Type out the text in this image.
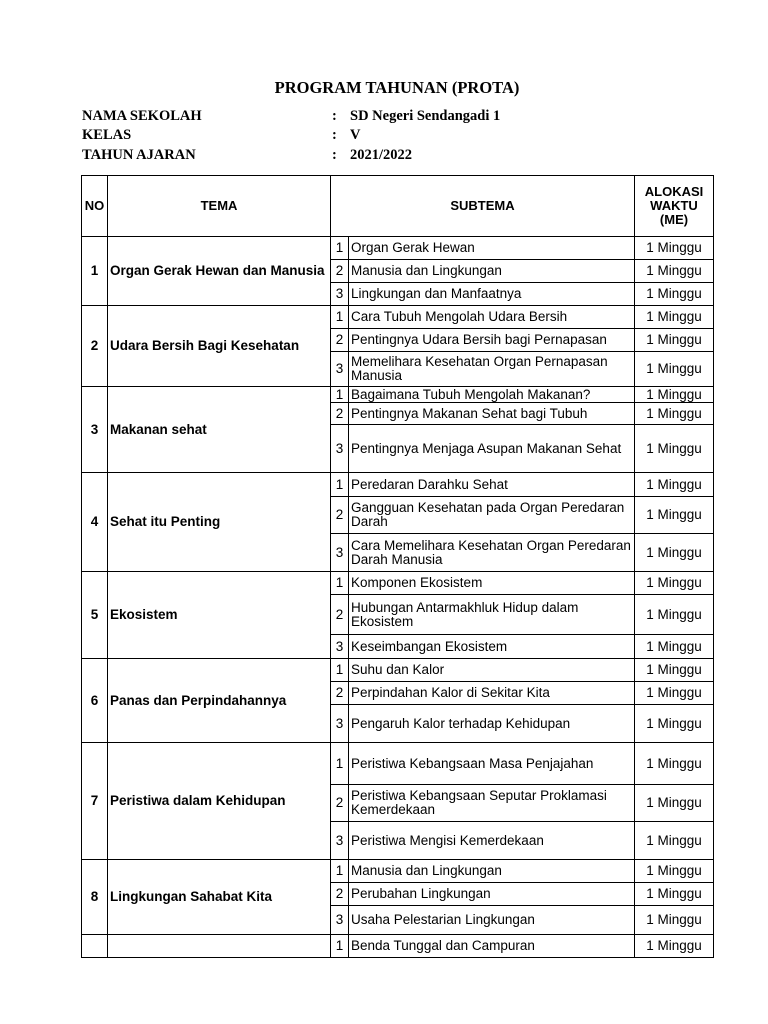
PROGRAM TAHUNAN (PROTA)
NAMA SEKOLAH	: SD Negeri Sendangadi 1
KELAS	: V
TAHUN AJARAN	: 2021/2022
NO	TEMA	SUBTEMA		ALOKASI WAKTU (ME)
1	Organ Gerak Hewan dan Manusia	1	Organ Gerak Hewan	1 Minggu
		2	Manusia dan Lingkungan	1 Minggu
		3	Lingkungan dan Manfaatnya	1 Minggu
2	Udara Bersih Bagi Kesehatan	1	Cara Tubuh Mengolah Udara Bersih	1 Minggu
		2	Pentingnya Udara Bersih bagi Pernapasan	1 Minggu
		3	Memelihara Kesehatan Organ Pernapasan Manusia	1 Minggu
3	Makanan sehat	1	Bagaimana Tubuh Mengolah Makanan?	1 Minggu
		2	Pentingnya Makanan Sehat bagi Tubuh	1 Minggu
		3	Pentingnya Menjaga Asupan Makanan Sehat	1 Minggu
4	Sehat itu Penting	1	Peredaran Darahku Sehat	1 Minggu
		2	Gangguan Kesehatan pada Organ Peredaran Darah	1 Minggu
		3	Cara Memelihara Kesehatan Organ Peredaran Darah Manusia	1 Minggu
5	Ekosistem	1	Komponen Ekosistem	1 Minggu
		2	Hubungan Antarmakhluk Hidup dalam Ekosistem	1 Minggu
		3	Keseimbangan Ekosistem	1 Minggu
6	Panas dan Perpindahannya	1	Suhu dan Kalor	1 Minggu
		2	Perpindahan Kalor di Sekitar Kita	1 Minggu
		3	Pengaruh Kalor terhadap Kehidupan	1 Minggu
7	Peristiwa dalam Kehidupan	1	Peristiwa Kebangsaan Masa Penjajahan	1 Minggu
		2	Peristiwa Kebangsaan Seputar Proklamasi Kemerdekaan	1 Minggu
		3	Peristiwa Mengisi Kemerdekaan	1 Minggu
8	Lingkungan Sahabat Kita	1	Manusia dan Lingkungan	1 Minggu
		2	Perubahan Lingkungan	1 Minggu
		3	Usaha Pelestarian Lingkungan	1 Minggu
		1	Benda Tunggal dan Campuran	1 Minggu
